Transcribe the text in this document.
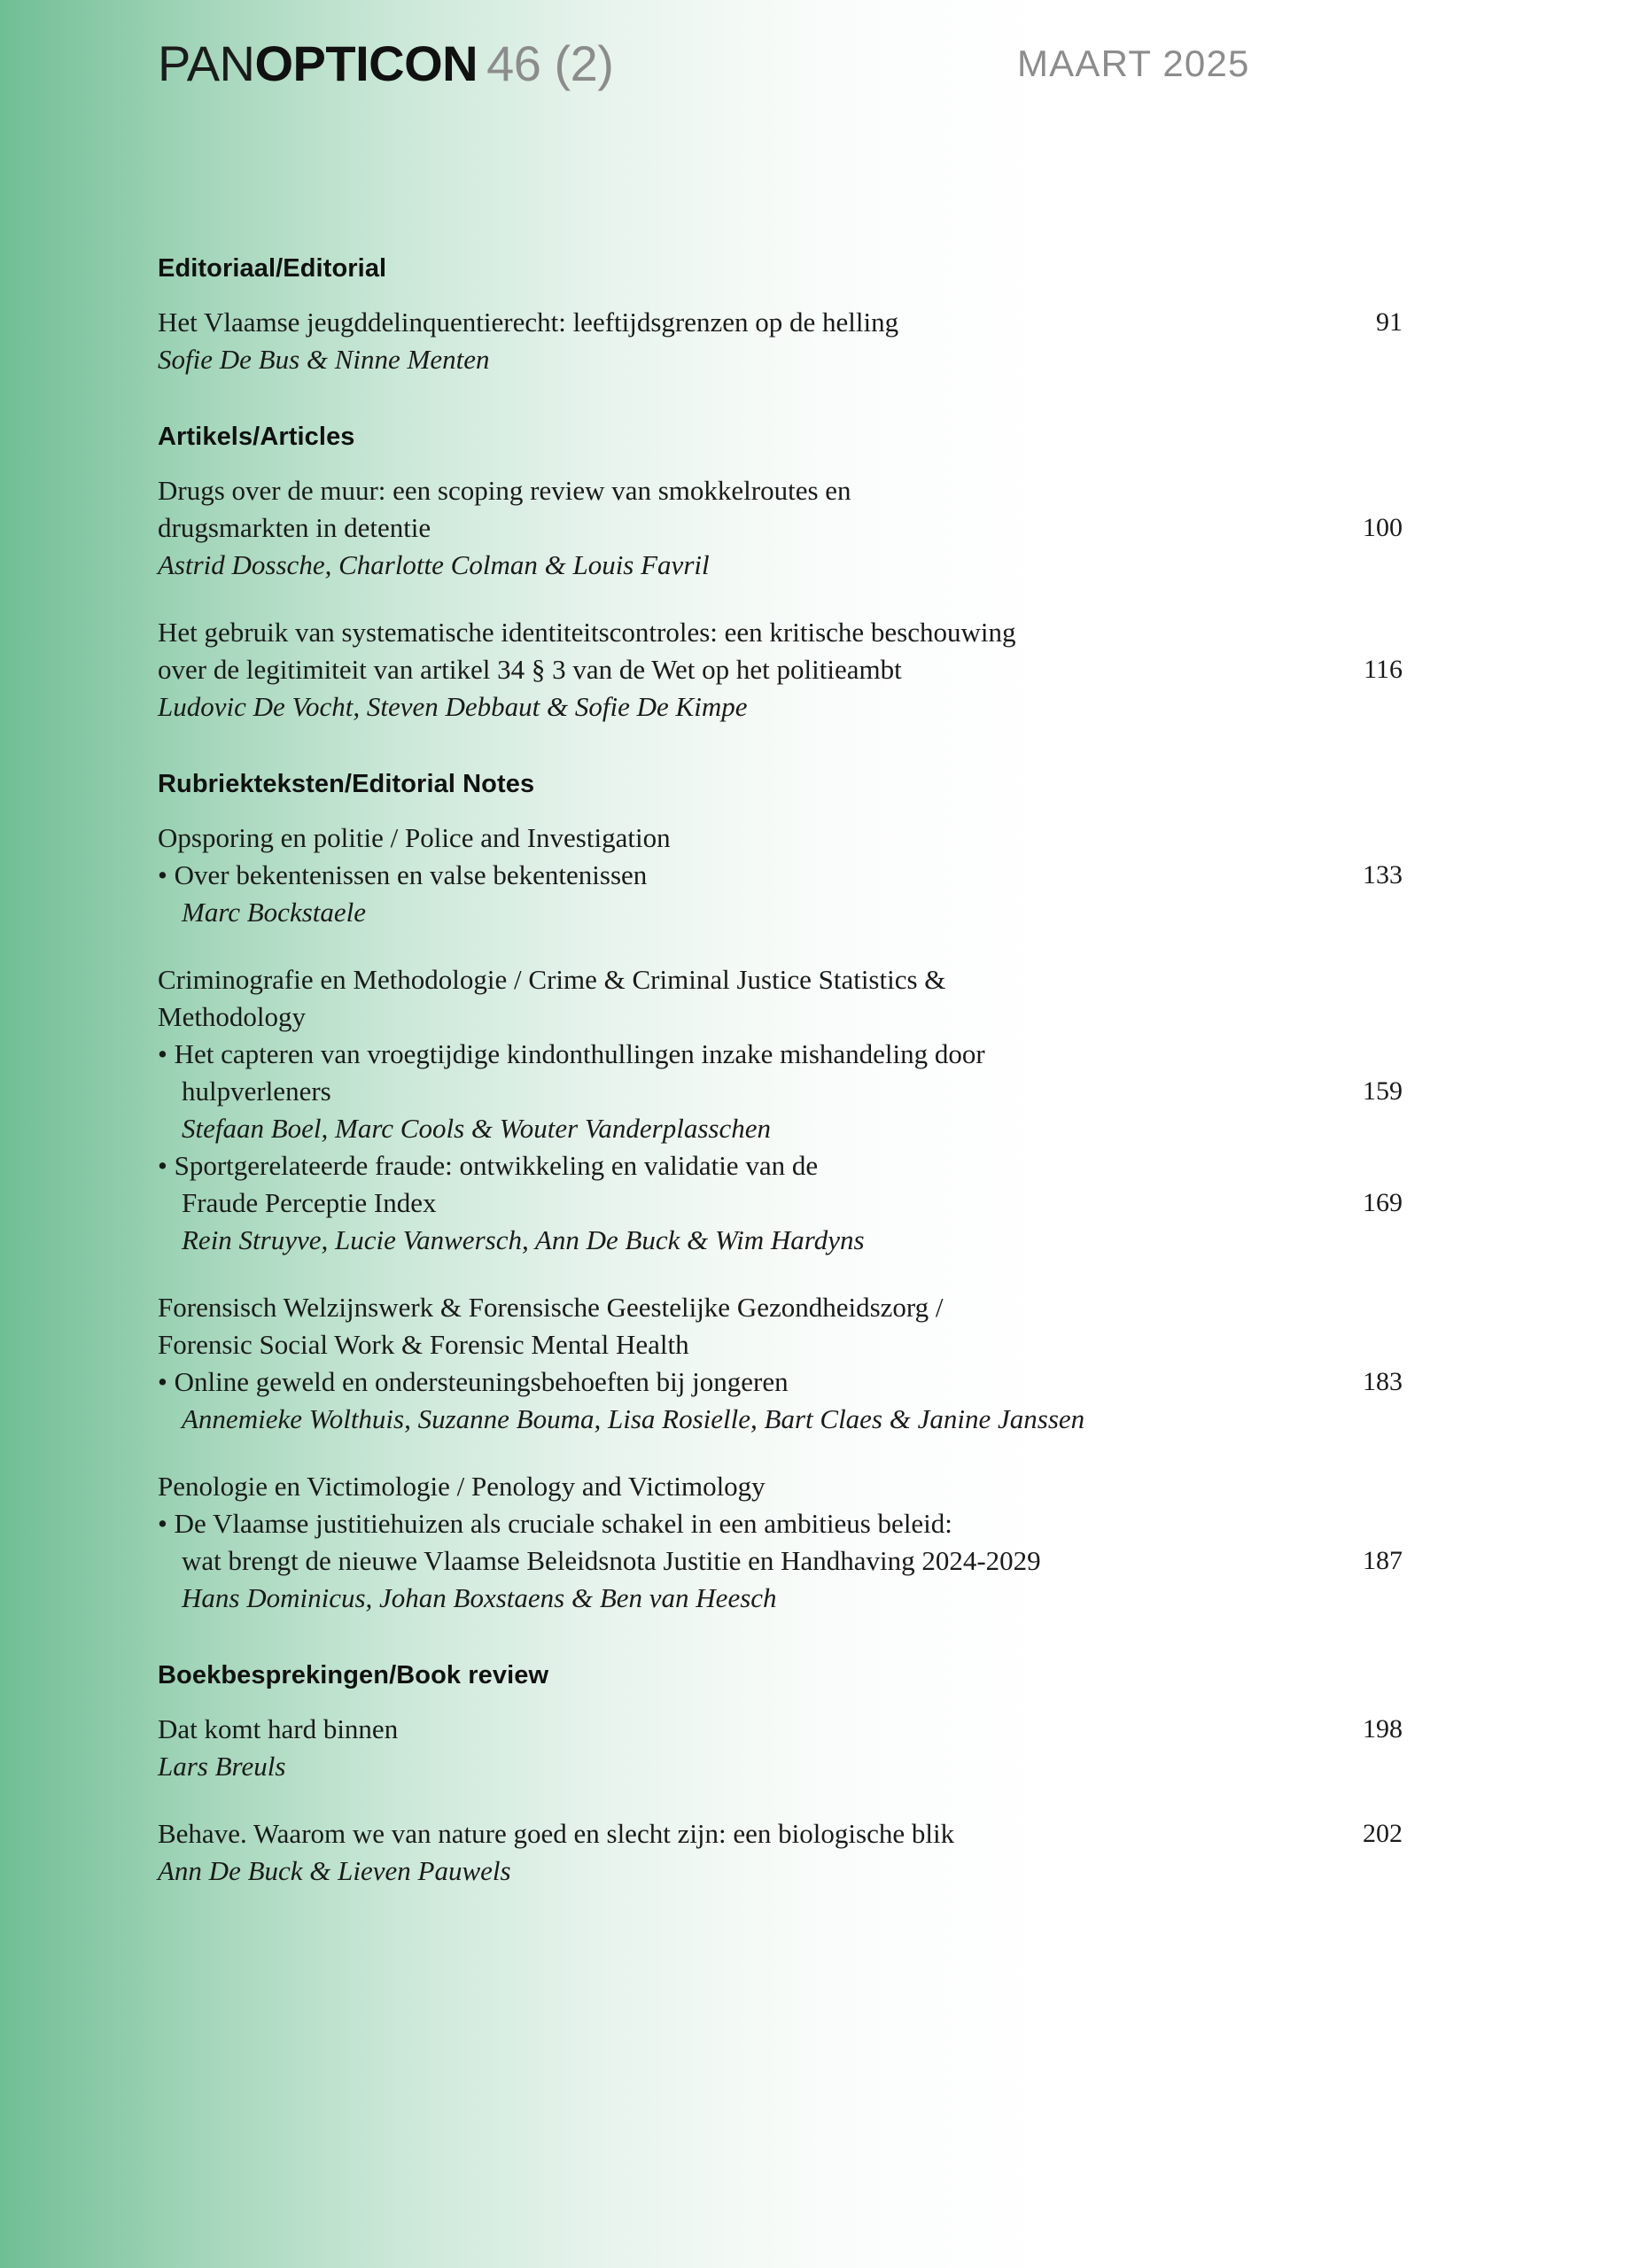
PANOPTICON 46 (2)	MAART 2025
Editoriaal/Editorial
Het Vlaamse jeugddelinquentierecht: leeftijdsgrenzen op de helling
Sofie De Bus & Ninne Menten
91
Artikels/Articles
Drugs over de muur: een scoping review van smokkelroutes en
drugsmarkten in detentie
Astrid Dossche, Charlotte Colman & Louis Favril
100
Het gebruik van systematische identiteitscontroles: een kritische beschouwing
over de legitimiteit van artikel 34 § 3 van de Wet op het politieambt
Ludovic De Vocht, Steven Debbaut & Sofie De Kimpe
116
Rubriekteksten/Editorial Notes
Opsporing en politie / Police and Investigation
• Over bekentenissen en valse bekentenissen
Marc Bockstaele
133
Criminografie en Methodologie / Crime & Criminal Justice Statistics &
Methodology
• Het capteren van vroegtijdige kindonthullingen inzake mishandeling door
hulpverleners
Stefaan Boel, Marc Cools & Wouter Vanderplasschen
159
• Sportgerelateerde fraude: ontwikkeling en validatie van de
Fraude Perceptie Index
Rein Struyve, Lucie Vanwersch, Ann De Buck & Wim Hardyns
169
Forensisch Welzijnswerk & Forensische Geestelijke Gezondheidszorg /
Forensic Social Work & Forensic Mental Health
• Online geweld en ondersteuningsbehoeften bij jongeren
Annemieke Wolthuis, Suzanne Bouma, Lisa Rosielle, Bart Claes & Janine Janssen
183
Penologie en Victimologie / Penology and Victimology
• De Vlaamse justitiehuizen als cruciale schakel in een ambitieus beleid:
wat brengt de nieuwe Vlaamse Beleidsnota Justitie en Handhaving 2024-2029
Hans Dominicus, Johan Boxstaens & Ben van Heesch
187
Boekbesprekingen/Book review
Dat komt hard binnen
Lars Breuls
198
Behave. Waarom we van nature goed en slecht zijn: een biologische blik
Ann De Buck & Lieven Pauwels
202
